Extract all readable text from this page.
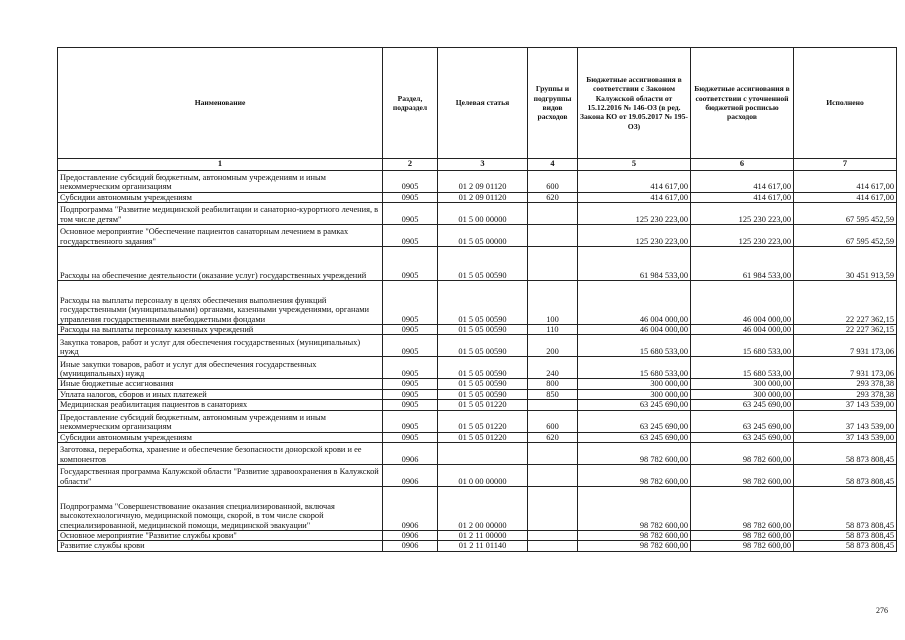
Наименование	Раздел, подраздел	Целевая статья	Группы и подгруппы видов расходов	Бюджетные ассигнования в соответствии с Законом Калужской области от 15.12.2016 № 146-ОЗ (в ред. Закона КО от 19.05.2017 № 195-ОЗ)	Бюджетные ассигнования в соответствии с уточненной бюджетной росписью расходов	Исполнено
1	2	3	4	5	6	7
Предоставление субсидий бюджетным, автономным учреждениям и иным некоммерческим организациям	0905	01 2 09 01120	600	414 617,00	414 617,00	414 617,00
Субсидии автономным учреждениям	0905	01 2 09 01120	620	414 617,00	414 617,00	414 617,00
Подпрограмма "Развитие медицинской реабилитации и санаторно-курортного лечения, в том числе детям"	0905	01 5 00 00000		125 230 223,00	125 230 223,00	67 595 452,59
Основное мероприятие "Обеспечение пациентов санаторным лечением в рамках государственного задания"	0905	01 5 05 00000		125 230 223,00	125 230 223,00	67 595 452,59
Расходы на обеспечение деятельности (оказание услуг) государственных учреждений	0905	01 5 05 00590		61 984 533,00	61 984 533,00	30 451 913,59
Расходы на выплаты персоналу в целях обеспечения выполнения функций государственными (муниципальными) органами, казенными учреждениями, органами управления государственными внебюджетными фондами	0905	01 5 05 00590	100	46 004 000,00	46 004 000,00	22 227 362,15
Расходы на выплаты персоналу казенных учреждений	0905	01 5 05 00590	110	46 004 000,00	46 004 000,00	22 227 362,15
Закупка товаров, работ и услуг для обеспечения государственных (муниципальных) нужд	0905	01 5 05 00590	200	15 680 533,00	15 680 533,00	7 931 173,06
Иные закупки товаров, работ и услуг для обеспечения государственных (муниципальных) нужд	0905	01 5 05 00590	240	15 680 533,00	15 680 533,00	7 931 173,06
Иные бюджетные ассигнования	0905	01 5 05 00590	800	300 000,00	300 000,00	293 378,38
Уплата налогов, сборов и иных платежей	0905	01 5 05 00590	850	300 000,00	300 000,00	293 378,38
Медицинская реабилитация пациентов в санаториях	0905	01 5 05 01220		63 245 690,00	63 245 690,00	37 143 539,00
Предоставление субсидий бюджетным, автономным учреждениям и иным некоммерческим организациям	0905	01 5 05 01220	600	63 245 690,00	63 245 690,00	37 143 539,00
Субсидии автономным учреждениям	0905	01 5 05 01220	620	63 245 690,00	63 245 690,00	37 143 539,00
Заготовка, переработка, хранение и обеспечение безопасности донорской крови и ее компонентов	0906			98 782 600,00	98 782 600,00	58 873 808,45
Государственная программа Калужской области "Развитие здравоохранения в Калужской области"	0906	01 0 00 00000		98 782 600,00	98 782 600,00	58 873 808,45
Подпрограмма "Совершенствование оказания специализированной, включая высокотехнологичную, медицинской помощи, скорой, в том числе скорой специализированной, медицинской помощи, медицинской эвакуации"	0906	01 2 00 00000		98 782 600,00	98 782 600,00	58 873 808,45
Основное мероприятие "Развитие службы крови"	0906	01 2 11 00000		98 782 600,00	98 782 600,00	58 873 808,45
Развитие службы крови	0906	01 2 11 01140		98 782 600,00	98 782 600,00	58 873 808,45
276
